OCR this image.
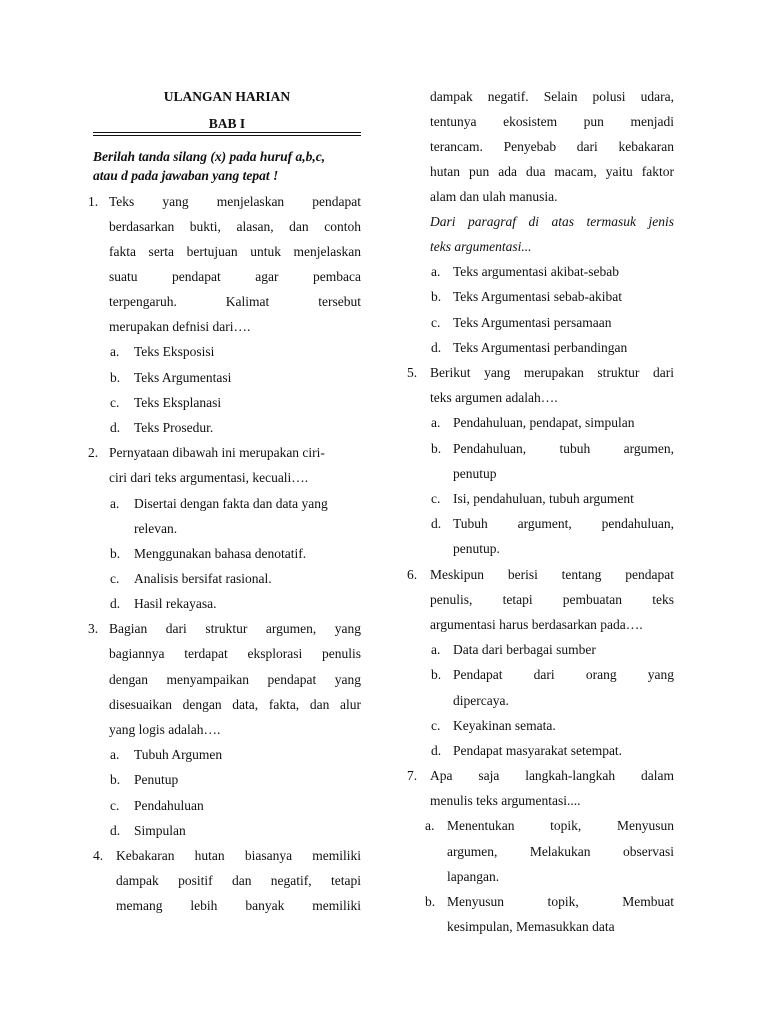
ULANGAN HARIAN
BAB I
Berilah tanda silang (x) pada huruf a,b,c,
atau d pada jawaban yang tepat !
1. Teks yang menjelaskan pendapat
berdasarkan bukti, alasan, dan contoh
fakta serta bertujuan untuk menjelaskan
suatu pendapat agar pembaca
terpengaruh. Kalimat tersebut
merupakan defnisi dari….
a. Teks Eksposisi
b. Teks Argumentasi
c. Teks Eksplanasi
d. Teks Prosedur.
2. Pernyataan dibawah ini merupakan ciri-
ciri dari teks argumentasi, kecuali….
a. Disertai dengan fakta dan data yang
relevan.
b. Menggunakan bahasa denotatif.
c. Analisis bersifat rasional.
d. Hasil rekayasa.
3. Bagian dari struktur argumen, yang
bagiannya terdapat eksplorasi penulis
dengan menyampaikan pendapat yang
disesuaikan dengan data, fakta, dan alur
yang logis adalah….
a. Tubuh Argumen
b. Penutup
c. Pendahuluan
d. Simpulan
4. Kebakaran hutan biasanya memiliki
dampak positif dan negatif, tetapi
memang lebih banyak memiliki
dampak negatif. Selain polusi udara,
tentunya ekosistem pun menjadi
terancam. Penyebab dari kebakaran
hutan pun ada dua macam, yaitu faktor
alam dan ulah manusia.
Dari paragraf di atas termasuk jenis
teks argumentasi...
a. Teks argumentasi akibat-sebab
b. Teks Argumentasi sebab-akibat
c. Teks Argumentasi persamaan
d. Teks Argumentasi perbandingan
5. Berikut yang merupakan struktur dari
teks argumen adalah….
a. Pendahuluan, pendapat, simpulan
b. Pendahuluan, tubuh argumen,
penutup
c. Isi, pendahuluan, tubuh argument
d. Tubuh argument, pendahuluan,
penutup.
6. Meskipun berisi tentang pendapat
penulis, tetapi pembuatan teks
argumentasi harus berdasarkan pada….
a. Data dari berbagai sumber
b. Pendapat dari orang yang
dipercaya.
c. Keyakinan semata.
d. Pendapat masyarakat setempat.
7. Apa saja langkah-langkah dalam
menulis teks argumentasi....
a. Menentukan topik, Menyusun
argumen, Melakukan observasi
lapangan.
b. Menyusun topik, Membuat
kesimpulan, Memasukkan data
